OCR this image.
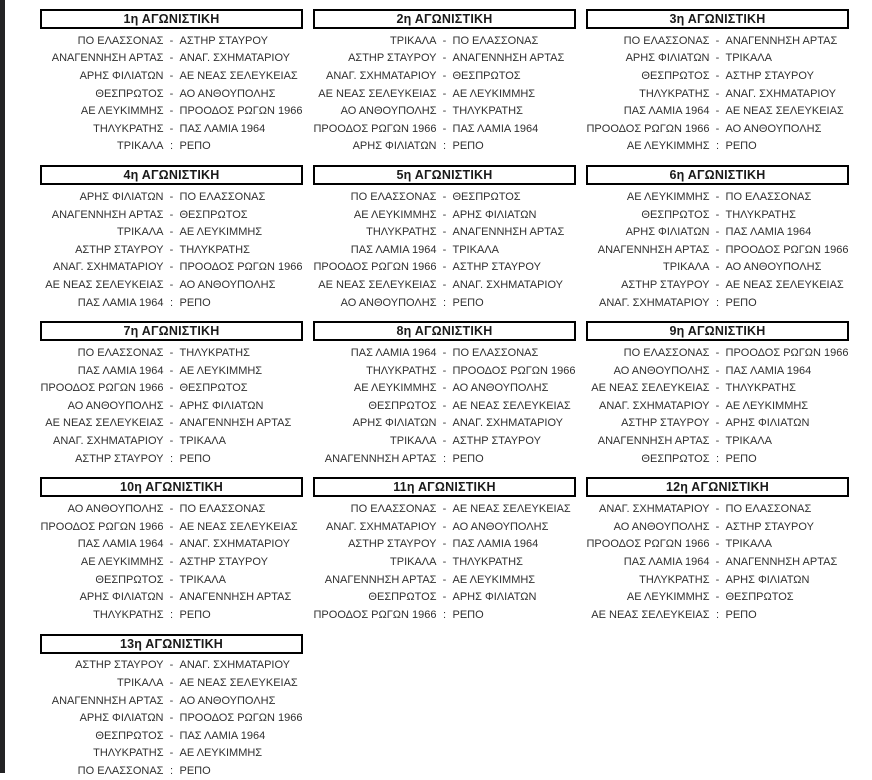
1η ΑΓΩΝΙΣΤΙΚΗ
ΠΟ ΕΛΑΣΣΟΝΑΣ - ΑΣΤΗΡ ΣΤΑΥΡΟΥ
ΑΝΑΓΕΝΝΗΣΗ ΑΡΤΑΣ - ΑΝΑΓ. ΣΧΗΜΑΤΑΡΙΟΥ
ΑΡΗΣ ΦΙΛΙΑΤΩΝ - ΑΕ ΝΕΑΣ ΣΕΛΕΥΚΕΙΑΣ
ΘΕΣΠΡΩΤΟΣ - ΑΟ ΑΝΘΟΥΠΟΛΗΣ
ΑΕ ΛΕΥΚΙΜΜΗΣ - ΠΡΟΟΔΟΣ ΡΩΓΩΝ 1966
ΤΗΛΥΚΡΑΤΗΣ - ΠΑΣ ΛΑΜΙΑ 1964
ΤΡΙΚΑΛΑ : ΡΕΠΟ
2η ΑΓΩΝΙΣΤΙΚΗ
ΤΡΙΚΑΛΑ - ΠΟ ΕΛΑΣΣΟΝΑΣ
ΑΣΤΗΡ ΣΤΑΥΡΟΥ - ΑΝΑΓΕΝΝΗΣΗ ΑΡΤΑΣ
ΑΝΑΓ. ΣΧΗΜΑΤΑΡΙΟΥ - ΘΕΣΠΡΩΤΟΣ
ΑΕ ΝΕΑΣ ΣΕΛΕΥΚΕΙΑΣ - ΑΕ ΛΕΥΚΙΜΜΗΣ
ΑΟ ΑΝΘΟΥΠΟΛΗΣ - ΤΗΛΥΚΡΑΤΗΣ
ΠΡΟΟΔΟΣ ΡΩΓΩΝ 1966 - ΠΑΣ ΛΑΜΙΑ 1964
ΑΡΗΣ ΦΙΛΙΑΤΩΝ : ΡΕΠΟ
3η ΑΓΩΝΙΣΤΙΚΗ
ΠΟ ΕΛΑΣΣΟΝΑΣ - ΑΝΑΓΕΝΝΗΣΗ ΑΡΤΑΣ
ΑΡΗΣ ΦΙΛΙΑΤΩΝ - ΤΡΙΚΑΛΑ
ΘΕΣΠΡΩΤΟΣ - ΑΣΤΗΡ ΣΤΑΥΡΟΥ
ΤΗΛΥΚΡΑΤΗΣ - ΑΝΑΓ. ΣΧΗΜΑΤΑΡΙΟΥ
ΠΑΣ ΛΑΜΙΑ 1964 - ΑΕ ΝΕΑΣ ΣΕΛΕΥΚΕΙΑΣ
ΠΡΟΟΔΟΣ ΡΩΓΩΝ 1966 - ΑΟ ΑΝΘΟΥΠΟΛΗΣ
ΑΕ ΛΕΥΚΙΜΜΗΣ : ΡΕΠΟ
4η ΑΓΩΝΙΣΤΙΚΗ
ΑΡΗΣ ΦΙΛΙΑΤΩΝ - ΠΟ ΕΛΑΣΣΟΝΑΣ
ΑΝΑΓΕΝΝΗΣΗ ΑΡΤΑΣ - ΘΕΣΠΡΩΤΟΣ
ΤΡΙΚΑΛΑ - ΑΕ ΛΕΥΚΙΜΜΗΣ
ΑΣΤΗΡ ΣΤΑΥΡΟΥ - ΤΗΛΥΚΡΑΤΗΣ
ΑΝΑΓ. ΣΧΗΜΑΤΑΡΙΟΥ - ΠΡΟΟΔΟΣ ΡΩΓΩΝ 1966
ΑΕ ΝΕΑΣ ΣΕΛΕΥΚΕΙΑΣ - ΑΟ ΑΝΘΟΥΠΟΛΗΣ
ΠΑΣ ΛΑΜΙΑ 1964 : ΡΕΠΟ
5η ΑΓΩΝΙΣΤΙΚΗ
ΠΟ ΕΛΑΣΣΟΝΑΣ - ΘΕΣΠΡΩΤΟΣ
ΑΕ ΛΕΥΚΙΜΜΗΣ - ΑΡΗΣ ΦΙΛΙΑΤΩΝ
ΤΗΛΥΚΡΑΤΗΣ - ΑΝΑΓΕΝΝΗΣΗ ΑΡΤΑΣ
ΠΑΣ ΛΑΜΙΑ 1964 - ΤΡΙΚΑΛΑ
ΠΡΟΟΔΟΣ ΡΩΓΩΝ 1966 - ΑΣΤΗΡ ΣΤΑΥΡΟΥ
ΑΕ ΝΕΑΣ ΣΕΛΕΥΚΕΙΑΣ - ΑΝΑΓ. ΣΧΗΜΑΤΑΡΙΟΥ
ΑΟ ΑΝΘΟΥΠΟΛΗΣ : ΡΕΠΟ
6η ΑΓΩΝΙΣΤΙΚΗ
ΑΕ ΛΕΥΚΙΜΜΗΣ - ΠΟ ΕΛΑΣΣΟΝΑΣ
ΘΕΣΠΡΩΤΟΣ - ΤΗΛΥΚΡΑΤΗΣ
ΑΡΗΣ ΦΙΛΙΑΤΩΝ - ΠΑΣ ΛΑΜΙΑ 1964
ΑΝΑΓΕΝΝΗΣΗ ΑΡΤΑΣ - ΠΡΟΟΔΟΣ ΡΩΓΩΝ 1966
ΤΡΙΚΑΛΑ - ΑΟ ΑΝΘΟΥΠΟΛΗΣ
ΑΣΤΗΡ ΣΤΑΥΡΟΥ - ΑΕ ΝΕΑΣ ΣΕΛΕΥΚΕΙΑΣ
ΑΝΑΓ. ΣΧΗΜΑΤΑΡΙΟΥ : ΡΕΠΟ
7η ΑΓΩΝΙΣΤΙΚΗ
ΠΟ ΕΛΑΣΣΟΝΑΣ - ΤΗΛΥΚΡΑΤΗΣ
ΠΑΣ ΛΑΜΙΑ 1964 - ΑΕ ΛΕΥΚΙΜΜΗΣ
ΠΡΟΟΔΟΣ ΡΩΓΩΝ 1966 - ΘΕΣΠΡΩΤΟΣ
ΑΟ ΑΝΘΟΥΠΟΛΗΣ - ΑΡΗΣ ΦΙΛΙΑΤΩΝ
ΑΕ ΝΕΑΣ ΣΕΛΕΥΚΕΙΑΣ - ΑΝΑΓΕΝΝΗΣΗ ΑΡΤΑΣ
ΑΝΑΓ. ΣΧΗΜΑΤΑΡΙΟΥ - ΤΡΙΚΑΛΑ
ΑΣΤΗΡ ΣΤΑΥΡΟΥ : ΡΕΠΟ
8η ΑΓΩΝΙΣΤΙΚΗ
ΠΑΣ ΛΑΜΙΑ 1964 - ΠΟ ΕΛΑΣΣΟΝΑΣ
ΤΗΛΥΚΡΑΤΗΣ - ΠΡΟΟΔΟΣ ΡΩΓΩΝ 1966
ΑΕ ΛΕΥΚΙΜΜΗΣ - ΑΟ ΑΝΘΟΥΠΟΛΗΣ
ΘΕΣΠΡΩΤΟΣ - ΑΕ ΝΕΑΣ ΣΕΛΕΥΚΕΙΑΣ
ΑΡΗΣ ΦΙΛΙΑΤΩΝ - ΑΝΑΓ. ΣΧΗΜΑΤΑΡΙΟΥ
ΤΡΙΚΑΛΑ - ΑΣΤΗΡ ΣΤΑΥΡΟΥ
ΑΝΑΓΕΝΝΗΣΗ ΑΡΤΑΣ : ΡΕΠΟ
9η ΑΓΩΝΙΣΤΙΚΗ
ΠΟ ΕΛΑΣΣΟΝΑΣ - ΠΡΟΟΔΟΣ ΡΩΓΩΝ 1966
ΑΟ ΑΝΘΟΥΠΟΛΗΣ - ΠΑΣ ΛΑΜΙΑ 1964
ΑΕ ΝΕΑΣ ΣΕΛΕΥΚΕΙΑΣ - ΤΗΛΥΚΡΑΤΗΣ
ΑΝΑΓ. ΣΧΗΜΑΤΑΡΙΟΥ - ΑΕ ΛΕΥΚΙΜΜΗΣ
ΑΣΤΗΡ ΣΤΑΥΡΟΥ - ΑΡΗΣ ΦΙΛΙΑΤΩΝ
ΑΝΑΓΕΝΝΗΣΗ ΑΡΤΑΣ - ΤΡΙΚΑΛΑ
ΘΕΣΠΡΩΤΟΣ : ΡΕΠΟ
10η ΑΓΩΝΙΣΤΙΚΗ
ΑΟ ΑΝΘΟΥΠΟΛΗΣ - ΠΟ ΕΛΑΣΣΟΝΑΣ
ΠΡΟΟΔΟΣ ΡΩΓΩΝ 1966 - ΑΕ ΝΕΑΣ ΣΕΛΕΥΚΕΙΑΣ
ΠΑΣ ΛΑΜΙΑ 1964 - ΑΝΑΓ. ΣΧΗΜΑΤΑΡΙΟΥ
ΑΕ ΛΕΥΚΙΜΜΗΣ - ΑΣΤΗΡ ΣΤΑΥΡΟΥ
ΘΕΣΠΡΩΤΟΣ - ΤΡΙΚΑΛΑ
ΑΡΗΣ ΦΙΛΙΑΤΩΝ - ΑΝΑΓΕΝΝΗΣΗ ΑΡΤΑΣ
ΤΗΛΥΚΡΑΤΗΣ : ΡΕΠΟ
11η ΑΓΩΝΙΣΤΙΚΗ
ΠΟ ΕΛΑΣΣΟΝΑΣ - ΑΕ ΝΕΑΣ ΣΕΛΕΥΚΕΙΑΣ
ΑΝΑΓ. ΣΧΗΜΑΤΑΡΙΟΥ - ΑΟ ΑΝΘΟΥΠΟΛΗΣ
ΑΣΤΗΡ ΣΤΑΥΡΟΥ - ΠΑΣ ΛΑΜΙΑ 1964
ΤΡΙΚΑΛΑ - ΤΗΛΥΚΡΑΤΗΣ
ΑΝΑΓΕΝΝΗΣΗ ΑΡΤΑΣ - ΑΕ ΛΕΥΚΙΜΜΗΣ
ΘΕΣΠΡΩΤΟΣ - ΑΡΗΣ ΦΙΛΙΑΤΩΝ
ΠΡΟΟΔΟΣ ΡΩΓΩΝ 1966 : ΡΕΠΟ
12η ΑΓΩΝΙΣΤΙΚΗ
ΑΝΑΓ. ΣΧΗΜΑΤΑΡΙΟΥ - ΠΟ ΕΛΑΣΣΟΝΑΣ
ΑΟ ΑΝΘΟΥΠΟΛΗΣ - ΑΣΤΗΡ ΣΤΑΥΡΟΥ
ΠΡΟΟΔΟΣ ΡΩΓΩΝ 1966 - ΤΡΙΚΑΛΑ
ΠΑΣ ΛΑΜΙΑ 1964 - ΑΝΑΓΕΝΝΗΣΗ ΑΡΤΑΣ
ΤΗΛΥΚΡΑΤΗΣ - ΑΡΗΣ ΦΙΛΙΑΤΩΝ
ΑΕ ΛΕΥΚΙΜΜΗΣ - ΘΕΣΠΡΩΤΟΣ
ΑΕ ΝΕΑΣ ΣΕΛΕΥΚΕΙΑΣ : ΡΕΠΟ
13η ΑΓΩΝΙΣΤΙΚΗ
ΑΣΤΗΡ ΣΤΑΥΡΟΥ - ΑΝΑΓ. ΣΧΗΜΑΤΑΡΙΟΥ
ΤΡΙΚΑΛΑ - ΑΕ ΝΕΑΣ ΣΕΛΕΥΚΕΙΑΣ
ΑΝΑΓΕΝΝΗΣΗ ΑΡΤΑΣ - ΑΟ ΑΝΘΟΥΠΟΛΗΣ
ΑΡΗΣ ΦΙΛΙΑΤΩΝ - ΠΡΟΟΔΟΣ ΡΩΓΩΝ 1966
ΘΕΣΠΡΩΤΟΣ - ΠΑΣ ΛΑΜΙΑ 1964
ΤΗΛΥΚΡΑΤΗΣ - ΑΕ ΛΕΥΚΙΜΜΗΣ
ΠΟ ΕΛΑΣΣΟΝΑΣ : ΡΕΠΟ
